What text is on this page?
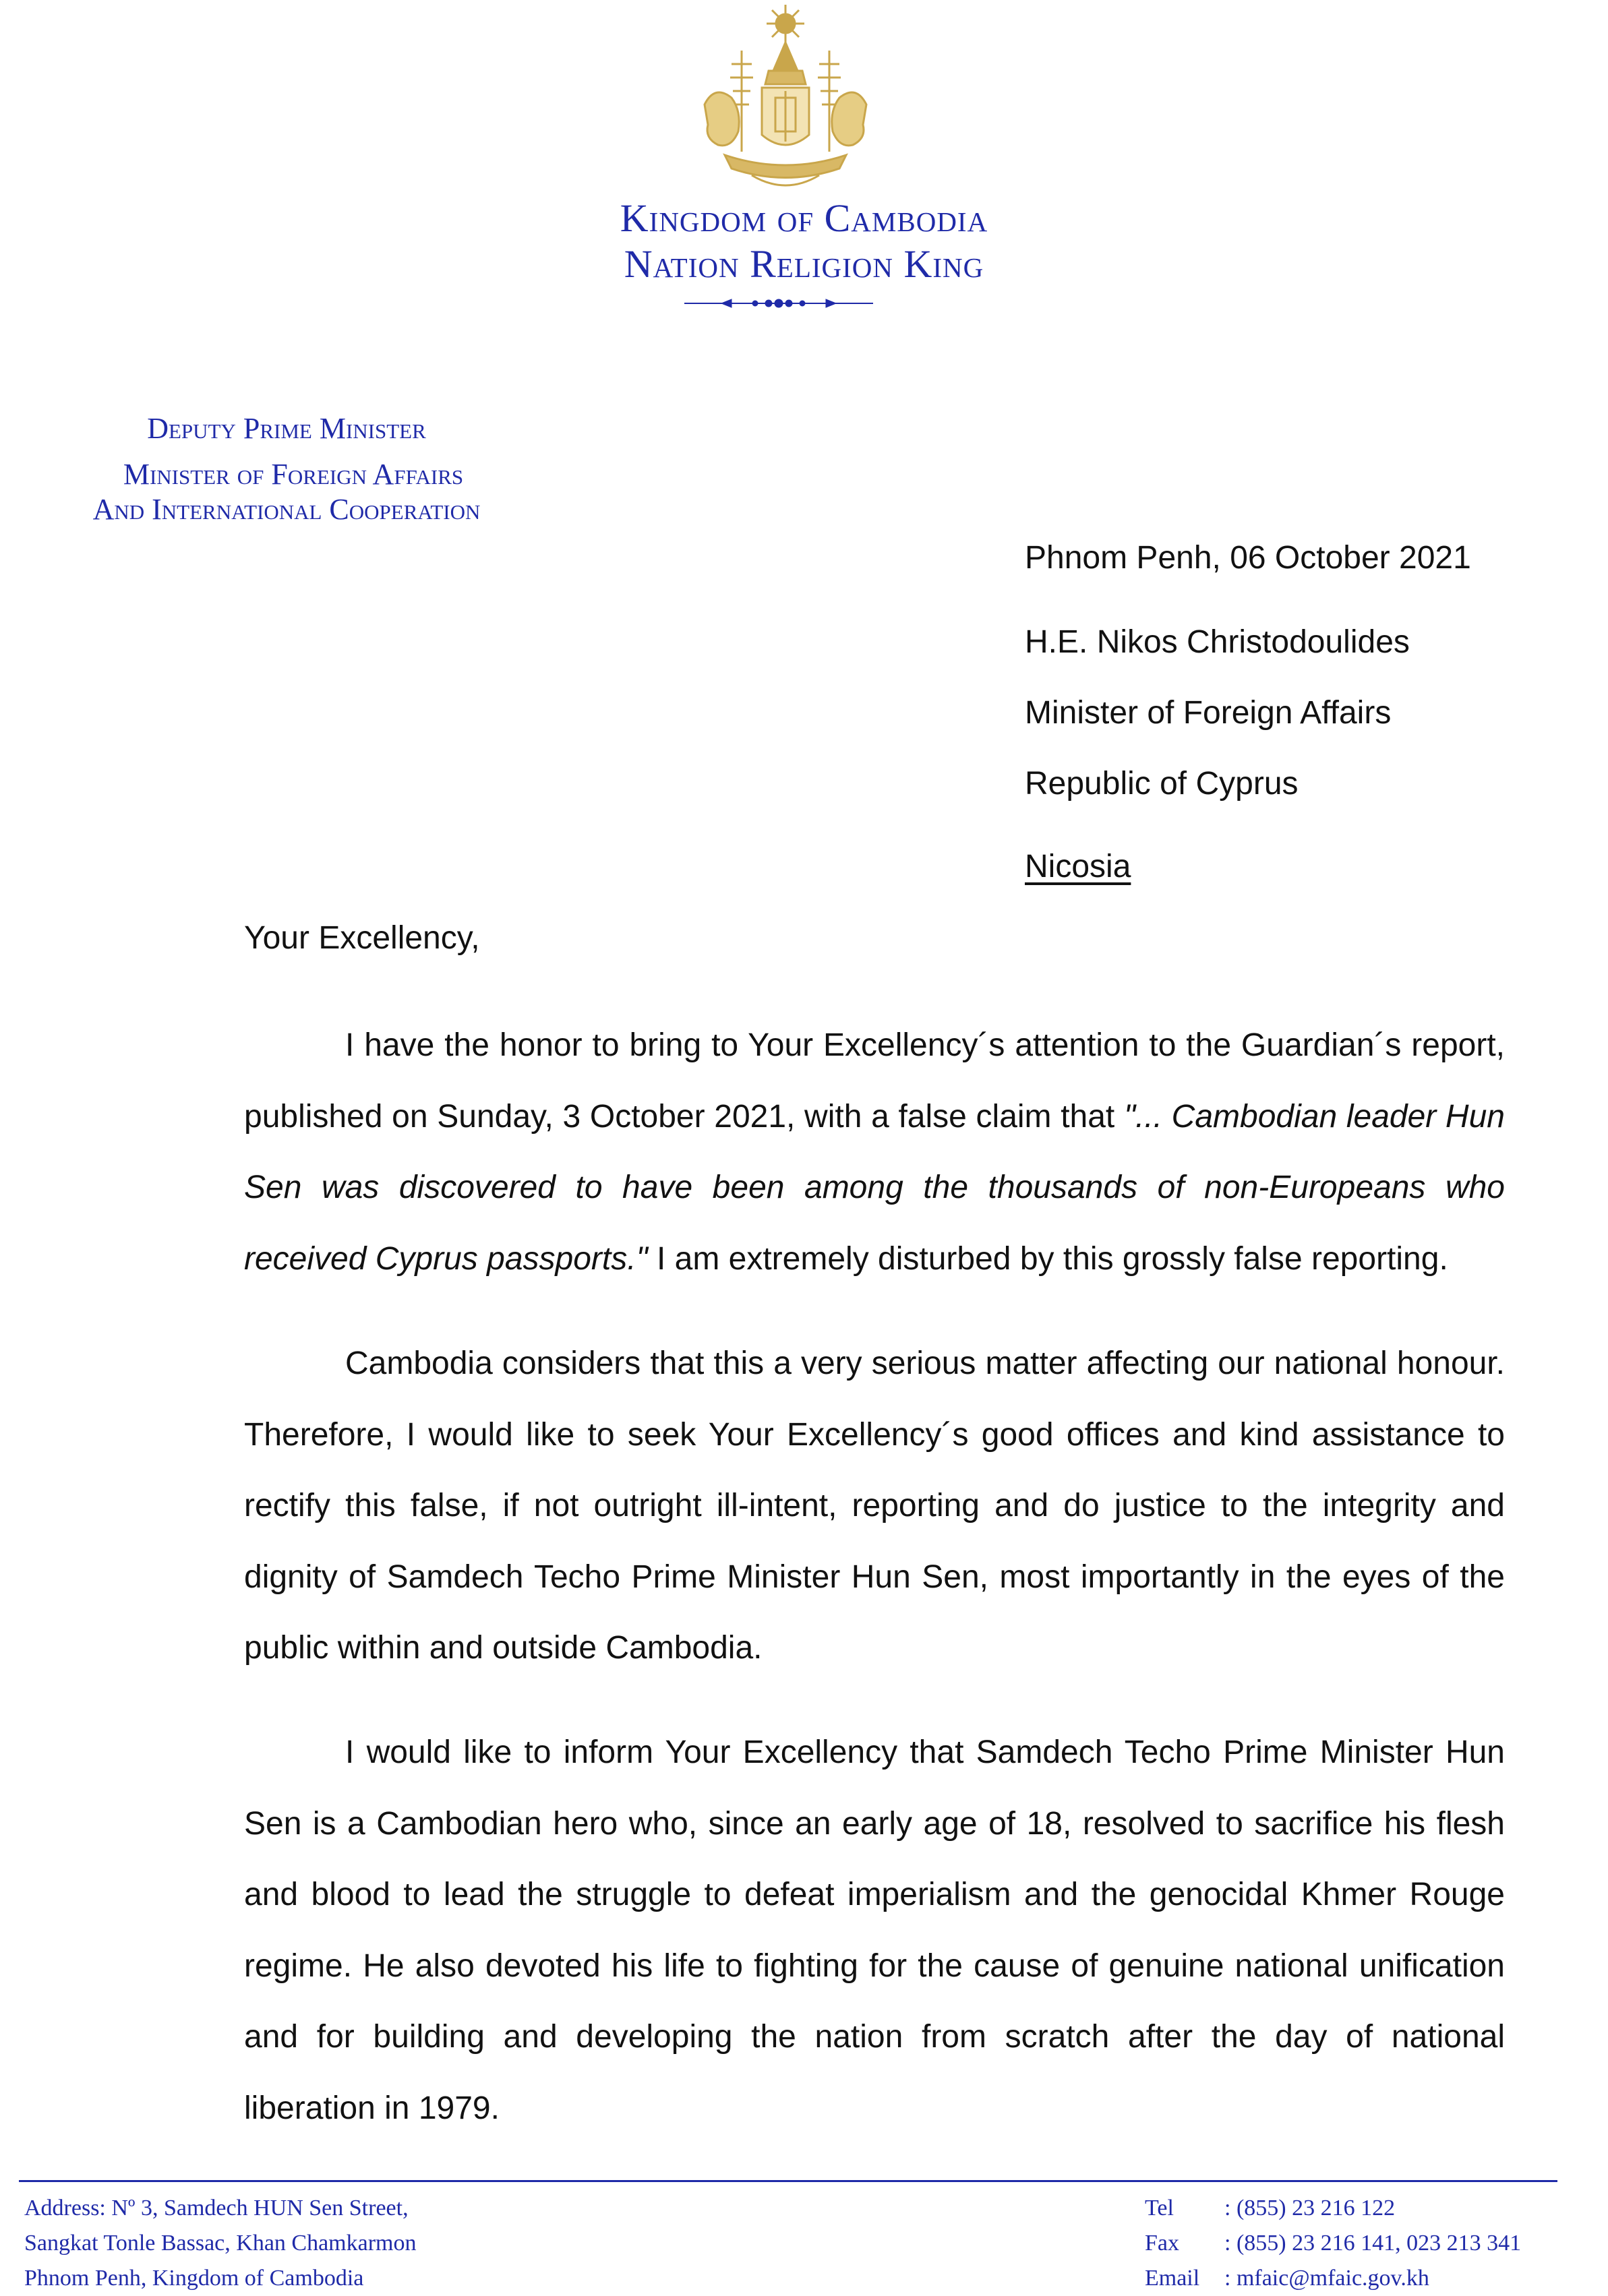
Kingdom of Cambodia
Nation Religion King
Deputy Prime Minister
Minister of Foreign Affairs
And International Cooperation
Phnom Penh, 06 October 2021
H.E. Nikos Christodoulides
Minister of Foreign Affairs
Republic of Cyprus
Nicosia
Your Excellency,
I have the honor to bring to Your Excellency´s attention to the Guardian´s report, published on Sunday, 3 October 2021, with a false claim that "... Cambodian leader Hun Sen was discovered to have been among the thousands of non-Europeans who received Cyprus passports." I am extremely disturbed by this grossly false reporting.
Cambodia considers that this a very serious matter affecting our national honour. Therefore, I would like to seek Your Excellency´s good offices and kind assistance to rectify this false, if not outright ill-intent, reporting and do justice to the integrity and dignity of Samdech Techo Prime Minister Hun Sen, most importantly in the eyes of the public within and outside Cambodia.
I would like to inform Your Excellency that Samdech Techo Prime Minister Hun Sen is a Cambodian hero who, since an early age of 18, resolved to sacrifice his flesh and blood to lead the struggle to defeat imperialism and the genocidal Khmer Rouge regime. He also devoted his life to fighting for the cause of genuine national unification and for building and developing the nation from scratch after the day of national liberation in 1979.
Address: Nº 3, Samdech HUN Sen Street,
Sangkat Tonle Bassac, Khan Chamkarmon
Phnom Penh, Kingdom of Cambodia
Tel	: (855) 23 216 122
Fax	: (855) 23 216 141, 023 213 341
Email	: mfaic@mfaic.gov.kh
